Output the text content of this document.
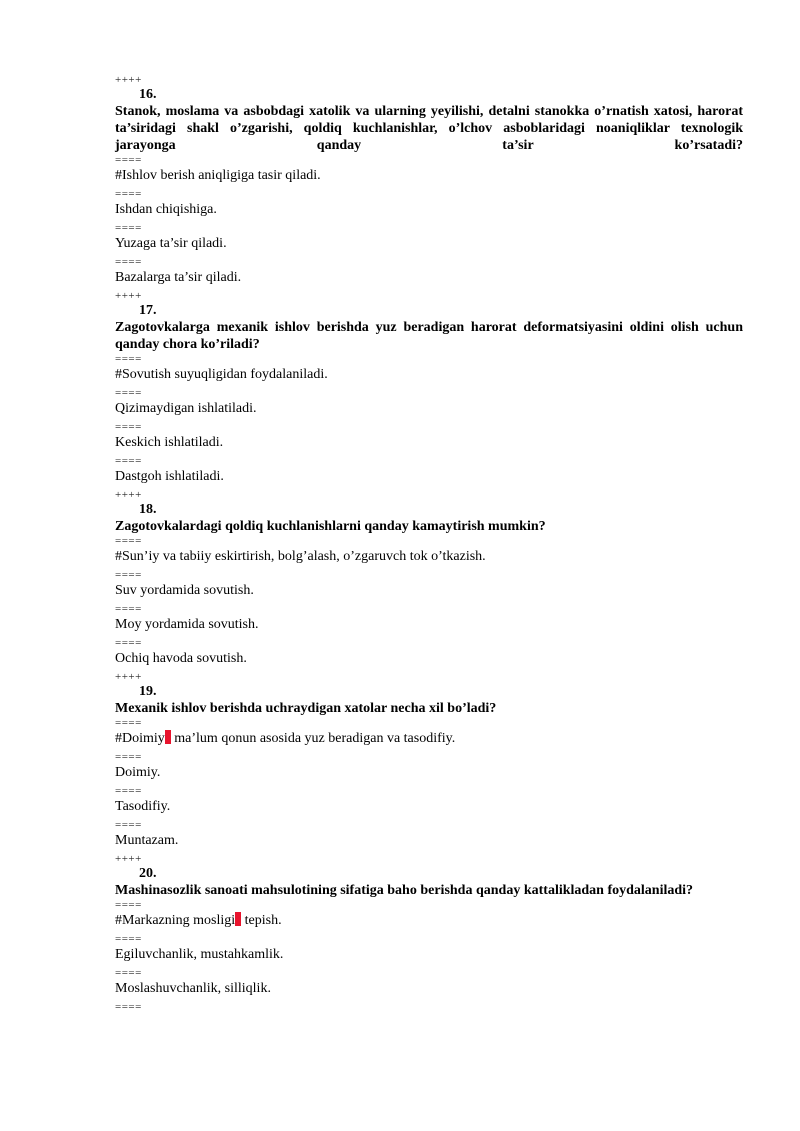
++++
16.
Stanok, moslama va asbobdagi xatolik va ularning yeyilishi, detalni stanokka o’rnatish xatosi, harorat ta’siridagi shakl o’zgarishi, qoldiq kuchlanishlar, o’lchov asboblaridagi noaniqliklar texnologik jarayonga qanday ta’sir ko’rsatadi?
====
#Ishlov berish aniqligiga tasir qiladi.
====
Ishdan chiqishiga.
====
Yuzaga ta’sir qiladi.
====
Bazalarga ta’sir qiladi.
++++
17.
Zagotovkalarga mexanik ishlov berishda yuz beradigan harorat deformatsiyasini oldini olish uchun qanday chora ko’riladi?
====
#Sovutish suyuqligidan foydalaniladi.
====
Qizimaydigan ishlatiladi.
====
Keskich ishlatiladi.
====
Dastgoh ishlatiladi.
++++
18.
Zagotovkalardagi qoldiq kuchlanishlarni qanday kamaytirish mumkin?
====
#Sun’iy va tabiiy eskirtirish, bolg’alash, o’zgaruvch tok o’tkazish.
====
Suv yordamida sovutish.
====
Moy yordamida sovutish.
====
Ochiq havoda sovutish.
++++
19.
Mexanik ishlov berishda uchraydigan xatolar necha xil bo’ladi?
====
#Doimiy ma’lum qonun asosida yuz beradigan va tasodifiy.
====
Doimiy.
====
Tasodifiy.
====
Muntazam.
++++
20.
Mashinasozlik sanoati mahsulotining sifatiga baho berishda qanday kattalikladan foydalaniladi?
====
#Markazning mosligi tepish.
====
Egiluvchanlik, mustahkamlik.
====
Moslashuvchanlik, silliqlik.
====
